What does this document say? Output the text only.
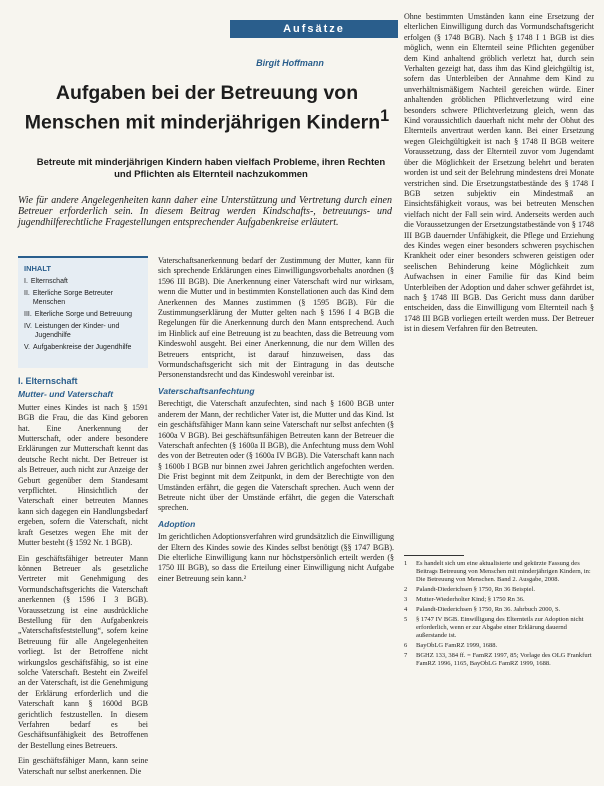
Aufsätze
Birgit Hoffmann
Aufgaben bei der Betreuung von Menschen mit minderjährigen Kindern$^1$
Betreute mit minderjährigen Kindern haben vielfach Probleme, ihren Rechten und Pflichten als Elternteil nachzukommen
Wie für andere Angelegenheiten kann daher eine Unterstützung und Vertretung durch einen Betreuer erforderlich sein. In diesem Beitrag werden Kindschafts-, betreuungs- und jugendhilferechtliche Fragestellungen entsprechender Aufgabenkreise erläutert.
INHALT
I. Elternschaft
II. Elterliche Sorge Betreuter Menschen
III. Elterliche Sorge und Betreuung
IV. Leistungen der Kinder- und Jugendhilfe
V. Aufgabenkreise der Jugendhilfe
I. Elternschaft
Mutter- und Vaterschaft

Mutter eines Kindes ist nach § 1591 BGB die Frau, die das Kind geboren hat. Eine Anerkennung der Mutterschaft, oder andere besondere Erklärungen zur Mutterschaft kennt das deutsche Recht nicht. Der Betreuer ist als Betreuer, auch nicht zur Anzeige der Geburt gegenüber dem Standesamt verpflichtet. Hinsichtlich der Vaterschaft einer betreuten Mannes kann sich dagegen ein Handlungsbedarf ergeben, sofern die Vaterschaft, nicht kraft Gesetzes wegen Ehe mit der Mutter besteht (§ 1592 Nr. 1 BGB).

Ein geschäftsfähiger betreuter Mann können Betreuer als gesetzliche Vertreter mit Genehmigung des Vormundschaftsgerichts die Vaterschaft anerkennen (§ 1596 I 3 BGB). Voraussetzung ist eine ausdrückliche Bestellung für den Aufgabenkreis „Vaterschaftsfeststellung“, sofern keine Betreuung für alle Angelegenheiten vorliegt. Ist der Betroffene nicht wirkungslos geschäftsfähig, so ist eine solche Vaterschaft. Besteht ein Zweifel an der Vaterschaft, ist die Genehmigung der Erklärung erforderlich und die Vaterschaft kann § 1600d BGB gerichtlich festzustellen. In diesem Verfahren bedarf es bei Geschäftsunfähigkeit des Betroffenen der Bestellung eines Betreuers.

Ein geschäftsfähiger Mann, kann seine Vaterschaft nur selbst anerkennen. Die

Vaterschaftsanerkennung bedarf der Zustimmung der Mutter, kann für sich sprechende Erklärungen eines Einwilligungsvorbehalts anordnen (§ 1596 III BGB). Die Anerkennung einer Vaterschaft wird nur wirksam, wenn die Mutter und in bestimmten Konstellationen auch das Kind dem Anerkennen des Mannes zustimmen (§ 1595 BGB). Für die Zustimmungserklärung der Mutter gelten nach § 1596 I 4 BGB die Regelungen für die Anerkennung durch den Mann entsprechend. Auch im Hinblick auf eine Betreuung ist zu beachten, dass die Betreuung vom Kindeswohl ausgeht. Bei einer Anerkennung, die nur dem Willen des Betreuers entspricht, ist darauf hinzuweisen, dass das Vormundschaftsgericht sich mit der Eintragung in das deutsche Personenstandsrecht und das Kindeswohl vereinbar ist.

Vaterschaftsanfechtung

Berechtigt, die Vaterschaft anzufechten, sind nach § 1600 BGB unter anderem der Mann, der rechtlicher Vater ist, die Mutter und das Kind. Ist ein geschäftsfähiger Mann kann seine Vaterschaft nur selbst anfechten (§ 1600a V BGB). Bei geschäftsunfähigen Betreuten kann der Betreuer die Vaterschaft anfechten (§ 1600a II BGB), die Anfechtung muss dem Wohl des von der Betreuten oder (§ 1600a IV BGB). Die Vaterschaft kann nach § 1600b I BGB nur binnen zwei Jahren gerichtlich angefochten werden. Die Frist beginnt mit dem Zeitpunkt, in dem der Berechtigte von den Umständen erfährt, die gegen die Vaterschaft sprechen. Auch wenn der Betreute nicht über der Umstände erfährt, die gegen die Vaterschaft sprechen.

Adoption

Im gerichtlichen Adoptionsverfahren wird grundsätzlich die Einwilligung der Eltern des Kindes sowie des Kindes selbst benötigt (§§ 1747 BGB). Die elterliche Einwilligung kann nur höchstpersönlich erteilt werden (§ 1750 III BGB), so dass die Erteilung einer Einwilligung nicht Aufgabe einer Betreuung sein kann.²

Ohne bestimmten Umständen kann eine Ersetzung der elterlichen Einwilligung durch das Vormundschaftsgericht erfolgen (§ 1748 BGB). Nach § 1748 I 1 BGB ist dies möglich, wenn ein Elternteil seine Pflichten gegenüber dem Kind anhaltend gröblich verletzt hat, durch sein Verhalten gezeigt hat, dass ihm das Kind gleichgültig ist, sofern das Unterbleiben der Annahme dem Kind zu unverhältnismäßigem Nachteil gereichen würde. Einer anhaltenden gröblichen Pflichtverletzung wird eine besonders schwere Pflichtverletzung gleich, wenn das Kind voraussichtlich dauerhaft nicht mehr der Obhut des Elternteils anvertraut werden kann. Bei einer Ersetzung wegen Gleichgültigkeit ist nach § 1748 II BGB weitere Voraussetzung, dass der Elternteil zuvor vom Jugendamt über die Möglichkeit der Ersetzung belehrt und beraten worden ist und seit der Belehrung mindestens drei Monate verstrichen sind. Die Ersetzungstatbestände des § 1748 I BGB setzen subjektiv ein Mindestmaß an Einsichtsfähigkeit voraus, was bei betreuten Menschen vielfach nicht der Fall sein wird. Anderseits werden auch die Voraussetzungen der Ersetzungstatbestände von § 1748 III BGB dauernder Unfähigkeit, die Pflege und Erziehung des Kindes wegen einer besonders schweren psychischen Krankheit oder einer besonders schweren geistigen oder seelischen Behinderung keine Möglichkeit zum Aufwachsen in einer Familie für das Kind beim Unterbleiben der Adoption und daher schwer gefährdet ist, nach § 1748 III BGB. Das Gericht muss dann darüber entscheiden, dass die Einwilligung vom Elternteil nach § 1748 III BGB vorliegen erteilt werden muss. Der Betreuer ist in diesem Verfahren für den Betreuten.

1	Es handelt sich um eine aktualisierte und gekürzte Fassung des Beitrags Betreuung von Menschen mit minderjährigen Kindern, in: Die Betreuung von Menschen. Band 2. Ausgabe, 2008.
2	Palandt-Diederichsen § 1750, Rn 36 Beispiel.
3	Mutter-Wiederholter Kind; § 1750 Rn 36.
4	Palandt-Diederichsen § 1750, Rn 36. Jahrbuch 2000, S.
5	§ 1747 IV BGB. Einwilligung des Elternteils zur Adoption nicht erforderlich, wenn er zur Abgabe einer Erklärung dauernd außerstande ist.
6	BayObLG FamRZ 1999, 1688.
7	BGHZ 133, 384 ff. = FamRZ 1997, 85; Vorlage des OLG Frankfurt FamRZ 1996, 1165, BayObLG FamRZ 1999, 1688.
